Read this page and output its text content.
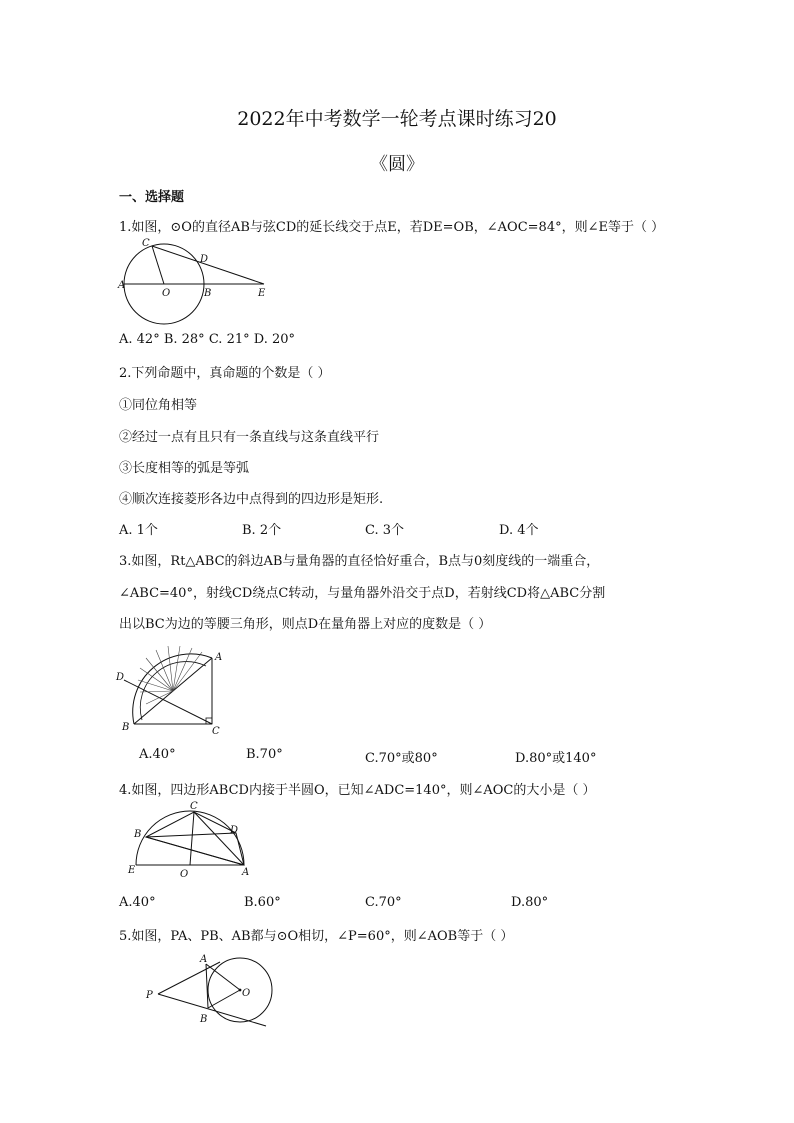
2022年中考数学一轮考点课时练习20
《圆》
一、选择题
1.如图，⊙O的直径AB与弦CD的延长线交于点E，若DE=OB，∠AOC=84°，则∠E等于（ ）
C
D
A
O	B	E
A. 42° B. 28° C. 21° D. 20°
2.下列命题中，真命题的个数是（ ）
①同位角相等
②经过一点有且只有一条直线与这条直线平行
③长度相等的弧是等弧
④顺次连接菱形各边中点得到的四边形是矩形.
A. 1个	B. 2个	C. 3个	D. 4个
3.如图，Rt△ABC的斜边AB与量角器的直径恰好重合，B点与0刻度线的一端重合，
∠ABC=40°，射线CD绕点C转动，与量角器外沿交于点D，若射线CD将△ABC分割
出以BC为边的等腰三角形，则点D在量角器上对应的度数是（ ）
A
D
B	C
A.40°	B.70°	C.70°或80°	D.80°或140°
4.如图，四边形ABCD内接于半圆O，已知∠ADC=140°，则∠AOC的大小是（ ）
C
B	D
E	O	A
A.40°	B.60°	C.70°	D.80°
5.如图，PA、PB、AB都与⊙O相切，∠P=60°，则∠AOB等于（ ）
A
P	O
B
